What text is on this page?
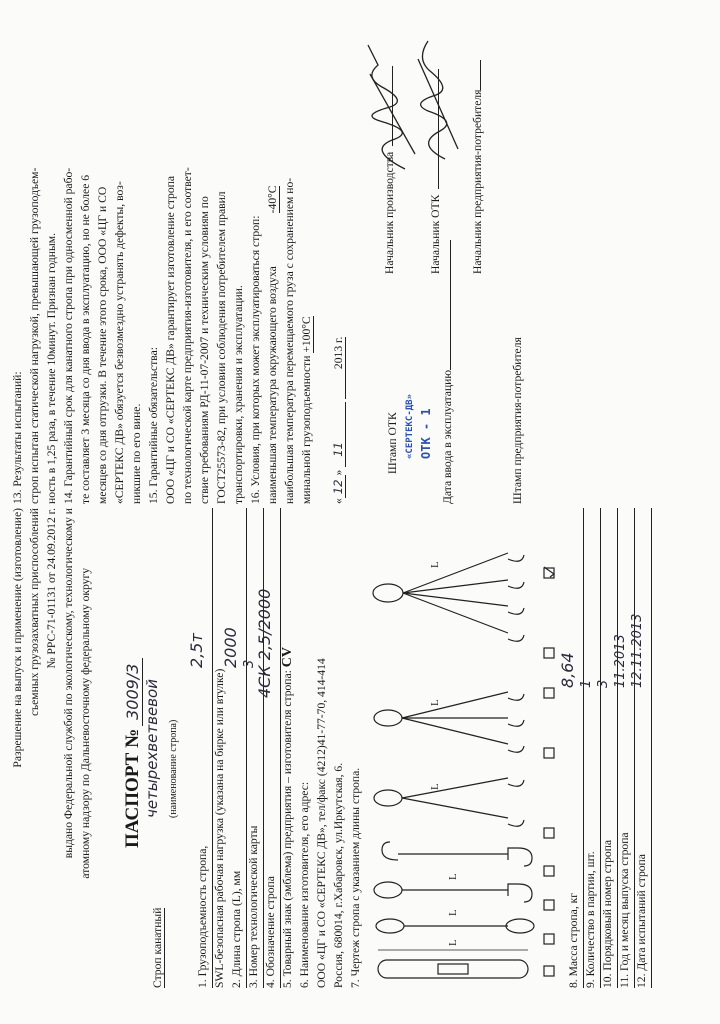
Разрешение на выпуск и применение (изготовление) съемных грузозахватных приспособлений № РРС-71-01131 от 24.09.2012 г. выдано Федеральной службой по экологическому, технологическому и атомному надзору по Дальневосточному федеральному округу ПАСПОРТ № 3009/3
Строп канатный
четырехветвевой (наименование стропа)
1. Грузоподъемность стропа,
2,5т
SWL-безопасная рабочая нагрузка (указана на бирке или втулке) 2. Длина стропа (L), мм
2000
3. Номер технологической карты
3
4. Обозначение стропа
4СК 2,5/2000
5. Товарный знак (эмблема) предприятия – изготовителя стропа: CV
6. Наименование изготовителя, его адрес: ООО «ЦГ и СО «СЕРТЕКС ДВ», тел/факс (4212)41-77-70, 414-414 Россия, 680014, г.Хабаровск, ул.Иркутская, 6. 7. Чертеж стропа с указанием длины стропа.	L
L
L
L
L
L
8. Масса стропа, кг
8,64
9. Количество в партии, шт.
1
10. Порядковый номер стропа
3
11. Год и месяц выпуска стропа
11.2013
12. Дата испытаний стропа
12.11.2013
13. Результаты испытаний: строп испытан статической нагрузкой, превышающей грузоподъем- ность в 1,25 раза, в течение 10минут. Признан годным. 14. Гарантийный срок для канатного стропа при односменной рабо- те составляет 3 месяца со дня ввода в эксплуатацию, но не более 6 месяцев со дня отгрузки. В течение этого срока, ООО «ЦГ и СО «СЕРТЕКС ДВ» обязуется безвозмездно устранять дефекты, воз- никшие по его вине. 15. Гарантийные обязательства: ООО «ЦГ и СО «СЕРТЕКС ДВ» гарантирует изготовление стропа по технологической карте предприятия-изготовителя, и его соответ- ствие требованиям РД-11-07-2007 и техническим условиям по ГОСТ25573-82, при условии соблюдения потребителем правил транспортировки, хранения и эксплуатации. 16. Условия, при которых может эксплуатироваться строп: наименьшая температура окружающего воздуха -40°С наибольшая температура перемещаемого груза с сохранением но- минальной грузоподъемности +100°С
«12» 11 2013 г.
Штамп ОТК
Начальник производства
«СЕРТЕКС-ДВ» ОТК - 1
Начальник ОТК
Дата ввода в эксплуатацию
Начальник предприятия-потребителя
Штамп предприятия-потребителя
